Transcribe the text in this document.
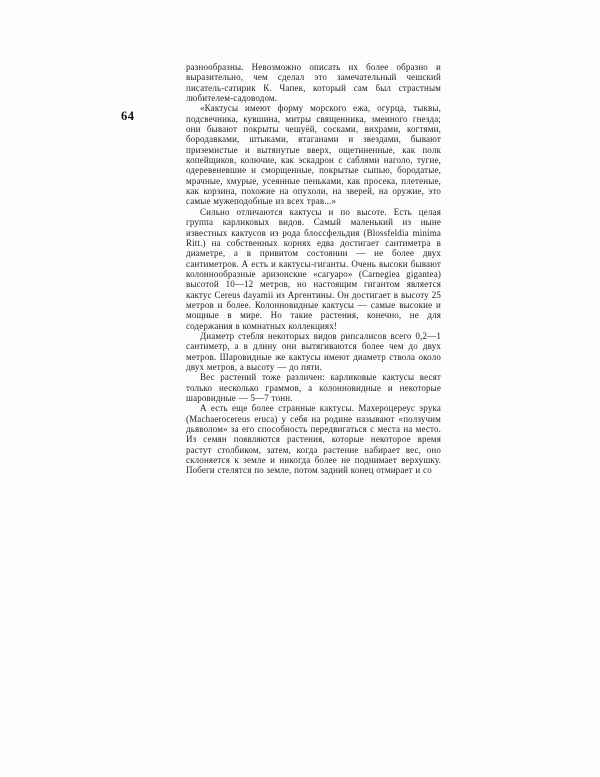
64

разнообразны. Невозможно описать их более образно и выразительно, чем сделал это замечательный чешский писатель-сатирик К. Чапек, который сам был страстным любителем-садоводом.

«Кактусы имеют форму морского ежа, огурца, тыквы, подсвечника, кувшина, митры священника, змеиного гнезда; они бывают покрыты чешуёй, сосками, вихрами, когтями, бородавками, штыками, ятаганами и звездами, бывают приземистые и вытянутые вверх, ощетиненные, как полк копейщиков, колючие, как эскадрон с саблями наголо, тугие, одеревеневшие и сморщенные, покрытые сыпью, бородатые, мрачные, хмурые, усеянные пеньками, как просека, плетеные, как корзина, похожие на опухоли, на зверей, на оружие, это самые мужеподобные из всех трав...»

Сильно отличаются кактусы и по высоте. Есть целая группа карликовых видов. Самый маленький из ныне известных кактусов из рода блоссфельдия (Blossfeldia minima Ritt.) на собственных корнях едва достигает сантиметра в диаметре, а в привитом состоянии — не более двух сантиметров. А есть и кактусы-гиганты. Очень высоки бывают колоннообразные аризонские «сагуаро» (Carnegiea gigantea) высотой 10—12 метров, но настоящим гигантом является кактус Cereus dayamii из Аргентины. Он достигает в высоту 25 метров и более. Колонновидные кактусы — самые высокие и мощные в мире. Но такие растения, конечно, не для содержания в комнатных коллекциях!

Диаметр стебля некоторых видов рипсалисов всего 0,2—1 сантиметр, а в длину они вытягиваются более чем до двух метров. Шаровидные же кактусы имеют диаметр ствола около двух метров, а высоту — до пяти.

Вес растений тоже различен: карликовые кактусы весят только несколько граммов, а колонновидные и некоторые шаровидные — 5—7 тонн.

А есть еще более странные кактусы. Махероцереус эрука (Machaerocereus eruca) у себя на родине называют «ползучим дьяволом» за его способность передвигаться с места на место. Из семян появляются растения, которые некоторое время растут столбиком, затем, когда растение набирает вес, оно склоняется к земле и никогда более не поднимает верхушку. Побеги стелятся по земле, потом задний конец отмирает и со
